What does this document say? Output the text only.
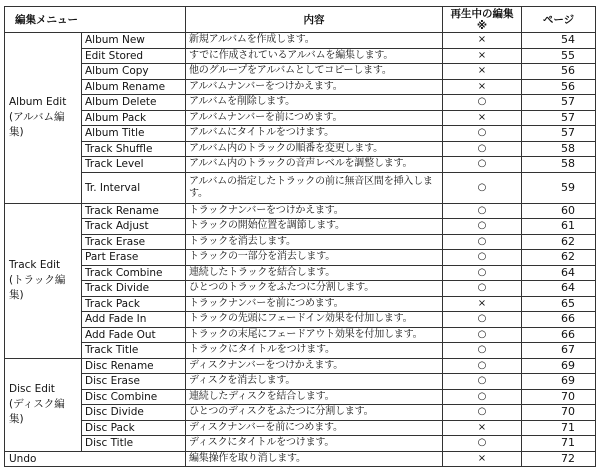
編集メニュー		内容	再生中の編集※	ページ

Album Edit
(アルバム編集)	Album New	新規アルバムを作成します。	×	54
	Edit Stored	すでに作成されているアルバムを編集します。	×	55
	Album Copy	他のグループをアルバムとしてコピーします。	×	56
	Album Rename	アルバムナンバーをつけかえます。	×	56
	Album Delete	アルバムを削除します。	○	57
	Album Pack	アルバムナンバーを前につめます。	×	57
	Album Title	アルバムにタイトルをつけます。	○	57
	Track Shuffle	アルバム内のトラックの順番を変更します。	○	58
	Track Level	アルバム内のトラックの音声レベルを調整します。	○	58
	Tr. Interval	アルバムの指定したトラックの前に無音区間を挿入します。	○	59

Track Edit
(トラック編集)	Track Rename	トラックナンバーをつけかえます。	○	60
	Track Adjust	トラックの開始位置を調節します。	○	61
	Track Erase	トラックを消去します。	○	62
	Part Erase	トラックの一部分を消去します。	○	62
	Track Combine	連続したトラックを結合します。	○	64
	Track Divide	ひとつのトラックをふたつに分割します。	○	64
	Track Pack	トラックナンバーを前につめます。	×	65
	Add Fade In	トラックの先頭にフェードイン効果を付加します。	○	66
	Add Fade Out	トラックの末尾にフェードアウト効果を付加します。	○	66
	Track Title	トラックにタイトルをつけます。	○	67

Disc Edit
(ディスク編集)	Disc Rename	ディスクナンバーをつけかえます。	○	69
	Disc Erase	ディスクを消去します。	○	69
	Disc Combine	連続したディスクを結合します。	○	70
	Disc Divide	ひとつのディスクをふたつに分割します。	○	70
	Disc Pack	ディスクナンバーを前につめます。	×	71
	Disc Title	ディスクにタイトルをつけます。	○	71
Undo		編集操作を取り消します。	×	72
